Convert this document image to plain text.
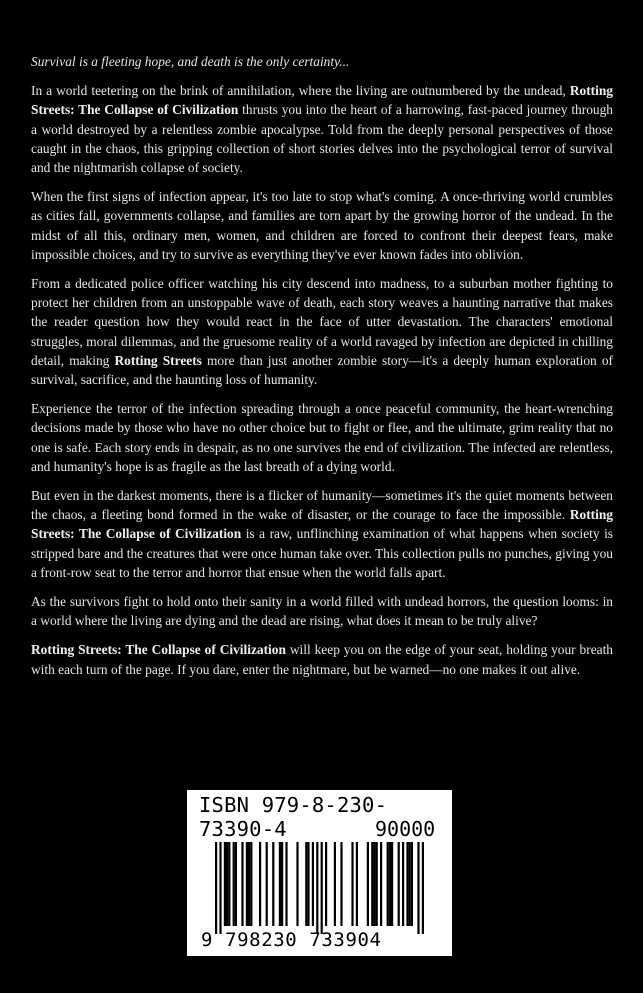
Survival is a fleeting hope, and death is the only certainty...

In a world teetering on the brink of annihilation, where the living are outnumbered by the undead, Rotting Streets: The Collapse of Civilization thrusts you into the heart of a harrowing, fast-paced journey through a world destroyed by a relentless zombie apocalypse. Told from the deeply personal perspectives of those caught in the chaos, this gripping collection of short stories delves into the psychological terror of survival and the nightmarish collapse of society.

When the first signs of infection appear, it's too late to stop what's coming. A once-thriving world crumbles as cities fall, governments collapse, and families are torn apart by the growing horror of the undead. In the midst of all this, ordinary men, women, and children are forced to confront their deepest fears, make impossible choices, and try to survive as everything they've ever known fades into oblivion.

From a dedicated police officer watching his city descend into madness, to a suburban mother fighting to protect her children from an unstoppable wave of death, each story weaves a haunting narrative that makes the reader question how they would react in the face of utter devastation. The characters' emotional struggles, moral dilemmas, and the gruesome reality of a world ravaged by infection are depicted in chilling detail, making Rotting Streets more than just another zombie story—it's a deeply human exploration of survival, sacrifice, and the haunting loss of humanity.

Experience the terror of the infection spreading through a once peaceful community, the heart-wrenching decisions made by those who have no other choice but to fight or flee, and the ultimate, grim reality that no one is safe. Each story ends in despair, as no one survives the end of civilization. The infected are relentless, and humanity's hope is as fragile as the last breath of a dying world.

But even in the darkest moments, there is a flicker of humanity—sometimes it's the quiet moments between the chaos, a fleeting bond formed in the wake of disaster, or the courage to face the impossible. Rotting Streets: The Collapse of Civilization is a raw, unflinching examination of what happens when society is stripped bare and the creatures that were once human take over. This collection pulls no punches, giving you a front-row seat to the terror and horror that ensue when the world falls apart.

As the survivors fight to hold onto their sanity in a world filled with undead horrors, the question looms: in a world where the living are dying and the dead are rising, what does it mean to be truly alive?

Rotting Streets: The Collapse of Civilization will keep you on the edge of your seat, holding your breath with each turn of the page. If you dare, enter the nightmare, but be warned—no one makes it out alive.

ISBN 979-8-230-73390-4	90000
9 798230 733904
